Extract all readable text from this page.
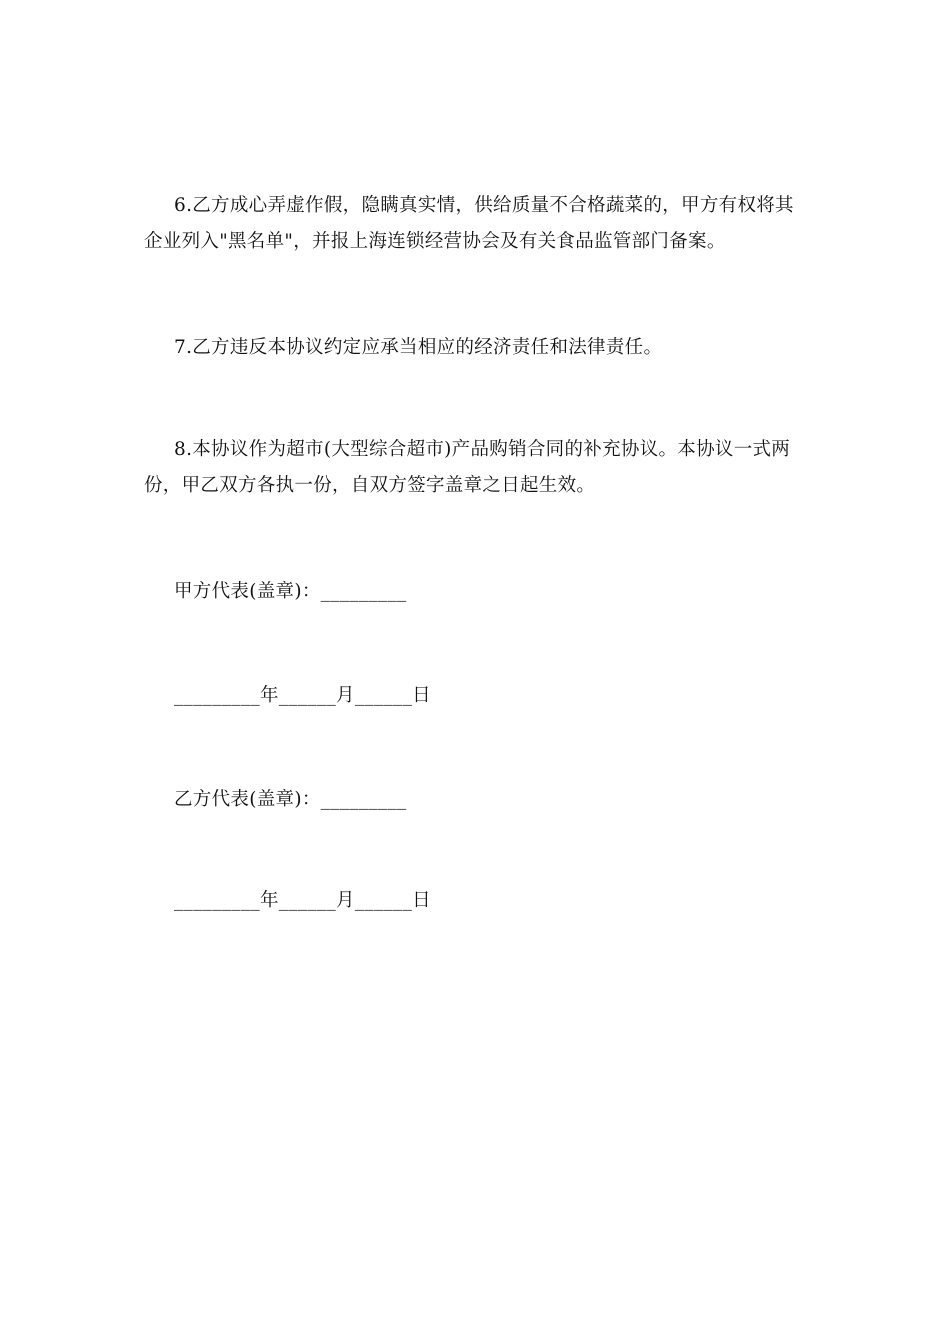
6.乙方成心弄虚作假，隐瞒真实情，供给质量不合格蔬菜的，甲方有权将其企业列入"黑名单"，并报上海连锁经营协会及有关食品监管部门备案。

7.乙方违反本协议约定应承当相应的经济责任和法律责任。

8.本协议作为超市(大型综合超市)产品购销合同的补充协议。本协议一式两份，甲乙双方各执一份，自双方签字盖章之日起生效。

甲方代表(盖章)：_________

_________年______月______日

乙方代表(盖章)：_________

_________年______月______日
